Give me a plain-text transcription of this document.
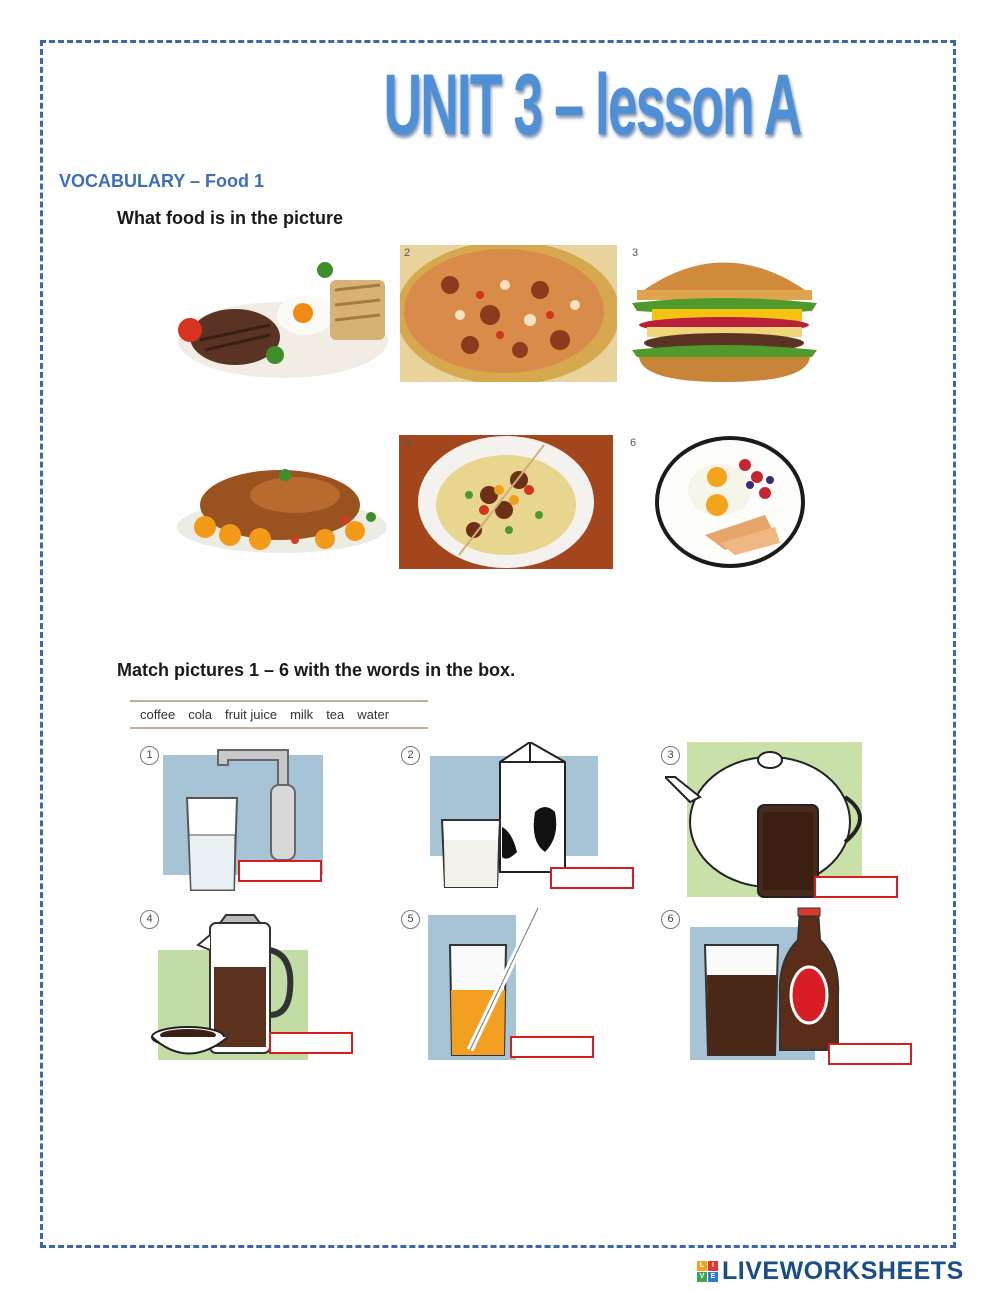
UNIT 3 – lesson A
VOCABULARY – Food 1
What food is in the picture
2	3
5	6
Match pictures 1 – 6 with the words in the box.
coffee cola fruit juice milk tea water
1	2	3
4	5	6
L	I
V E LIVEWORKSHEETS
